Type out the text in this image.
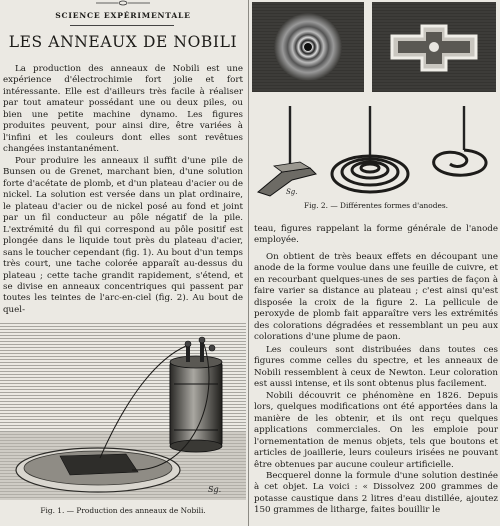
SCIENCE EXPÉRIMENTALE
LES ANNEAUX DE NOBILI

La production des anneaux de Nobili est une expérience d'électrochimie fort jolie et fort intéressante. Elle est d'ailleurs très facile à réaliser par tout amateur possédant une ou deux piles, ou bien une petite machine dynamo. Les figures produites peuvent, pour ainsi dire, être variées à l'infini et les couleurs dont elles sont revêtues changées instantanément.

Pour produire les anneaux il suffit d'une pile de Bunsen ou de Grenet, marchant bien, d'une solution forte d'acétate de plomb, et d'un plateau d'acier ou de nickel. La solution est versée dans un plat ordinaire, le plateau d'acier ou de nickel posé au fond et joint par un fil conducteur au pôle négatif de la pile. L'extrémité du fil qui correspond au pôle positif est plongée dans le liquide tout près du plateau d'acier, sans le toucher cependant (fig. 1). Au bout d'un temps très court, une tache colorée apparaît au-dessus du plateau ; cette tache grandit rapidement, s'étend, et se divise en anneaux concentriques qui passent par toutes les teintes de l'arc-en-ciel (fig. 2). Au bout de quel-

Sg.
Fig. 1. — Production des anneaux de Nobili.
Sg.
Fig. 2. — Différentes formes d'anodes.

teau, figures rappelant la forme générale de l'anode employée.

On obtient de très beaux effets en découpant une anode de la forme voulue dans une feuille de cuivre, et en recourbant quelques-unes de ses parties de façon à faire varier sa distance au plateau ; c'est ainsi qu'est disposée la croix de la figure 2. La pellicule de peroxyde de plomb fait apparaître vers les extrémités des colorations dégradées et ressemblant un peu aux colorations d'une plume de paon.

Les couleurs sont distribuées dans toutes ces figures comme celles du spectre, et les anneaux de Nobili ressemblent à ceux de Newton. Leur coloration est aussi intense, et ils sont obtenus plus facilement.

Nobili découvrit ce phénomène en 1826. Depuis lors, quelques modifications ont été apportées dans la manière de les obtenir, et ils ont reçu quelques applications commerciales. On les emploie pour l'ornementation de menus objets, tels que boutons et articles de joaillerie, leurs couleurs irisées ne pouvant être obtenues par aucune couleur artificielle.

Becquerel donne la formule d'une solution destinée à cet objet. La voici : « Dissolvez 200 grammes de potasse caustique dans 2 litres d'eau distillée, ajoutez 150 grammes de litharge, faites bouillir le
